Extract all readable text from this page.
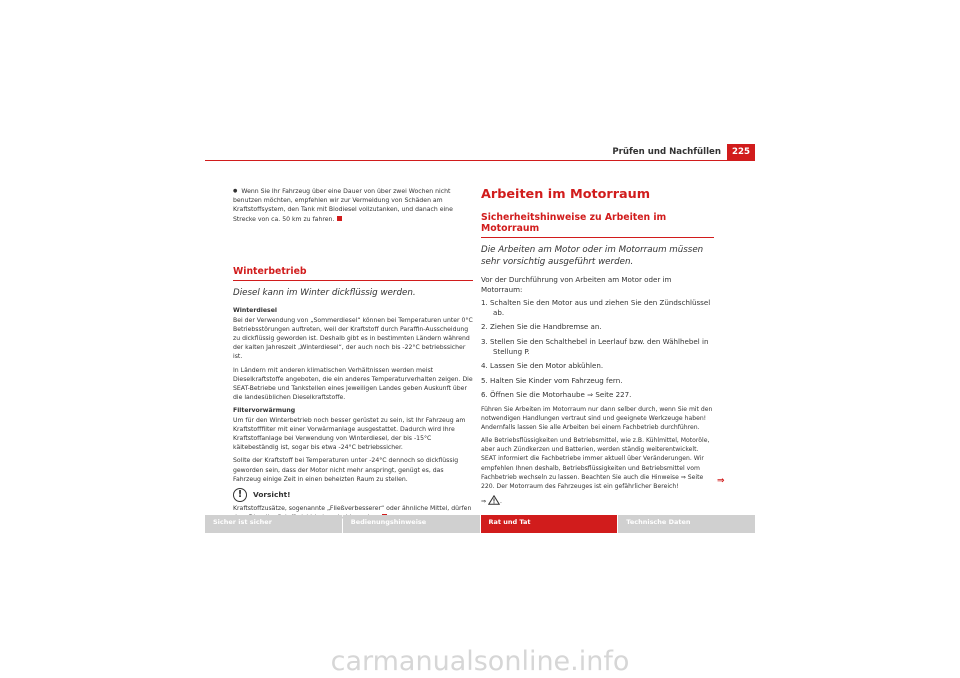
Prüfen und Nachfüllen	225

● Wenn Sie Ihr Fahrzeug über eine Dauer von über zwei Wochen nicht benutzen möchten, empfehlen wir zur Vermeidung von Schäden am Kraftstoffsystem, den Tank mit Biodiesel vollzutanken, und danach eine Strecke von ca. 50 km zu fahren.

Winterbetrieb

Diesel kann im Winter dickflüssig werden.

Winterdiesel

Bei der Verwendung von „Sommerdiesel“ können bei Temperaturen unter 0°C Betriebsstörungen auftreten, weil der Kraftstoff durch Paraffin-Ausscheidung zu dickflüssig geworden ist. Deshalb gibt es in bestimmten Ländern während der kalten Jahreszeit „Winterdiesel“, der auch noch bis -22°C betriebssicher ist.

In Ländern mit anderen klimatischen Verhältnissen werden meist Dieselkraftstoffe angeboten, die ein anderes Temperaturverhalten zeigen. Die SEAT-Betriebe und Tankstellen eines jeweiligen Landes geben Auskunft über die landesüblichen Dieselkraftstoffe.

Filtervorwärmung

Um für den Winterbetrieb noch besser gerüstet zu sein, ist Ihr Fahrzeug am Kraftstofffilter mit einer Vorwärmanlage ausgestattet. Dadurch wird Ihre Kraftstoffanlage bei Verwendung von Winterdiesel, der bis -15°C kältebeständig ist, sogar bis etwa -24°C betriebssicher.

Sollte der Kraftstoff bei Temperaturen unter -24°C dennoch so dickflüssig geworden sein, dass der Motor nicht mehr anspringt, genügt es, das Fahrzeug einige Zeit in einen beheizten Raum zu stellen.

!	Vorsicht!

Kraftstoffzusätze, sogenannte „Fließverbesserer“ oder ähnliche Mittel, dürfen

Arbeiten im Motorraum
Sicherheitshinweise zu Arbeiten im Motorraum

Die Arbeiten am Motor oder im Motorraum müssen sehr vorsichtig ausgeführt werden.

Vor der Durchführung von Arbeiten am Motor oder im Motorraum:

1. Schalten Sie den Motor aus und ziehen Sie den Zündschlüssel ab.

2. Ziehen Sie die Handbremse an.

3. Stellen Sie den Schalthebel in Leerlauf bzw. den Wählhebel in Stellung P.

4. Lassen Sie den Motor abkühlen.

5. Halten Sie Kinder vom Fahrzeug fern.

6. Öffnen Sie die Motorhaube ⇒ Seite 227.

Führen Sie Arbeiten im Motorraum nur dann selber durch, wenn Sie mit den notwendigen Handlungen vertraut sind und geeignete Werkzeuge haben! Andernfalls lassen Sie alle Arbeiten bei einem Fachbetrieb durchführen.

Alle Betriebsflüssigkeiten und Betriebsmittel, wie z.B. Kühlmittel, Motoröle, aber auch Zündkerzen und Batterien, werden ständig weiterentwickelt. SEAT informiert die Fachbetriebe immer aktuell über Veränderungen. Wir empfehlen Ihnen deshalb, Betriebsflüssigkeiten und Betriebsmittel vom Fachbetrieb wechseln zu lassen. Beachten Sie auch die Hinweise ⇒ Seite 220. Der Motorraum des Fahrzeuges ist ein gefährlicher Bereich!

⇒ .

⇒
Sicher ist sicher	Bedienungshinweise	Rat und Tat	Technische Daten
carmanualsonline.info
